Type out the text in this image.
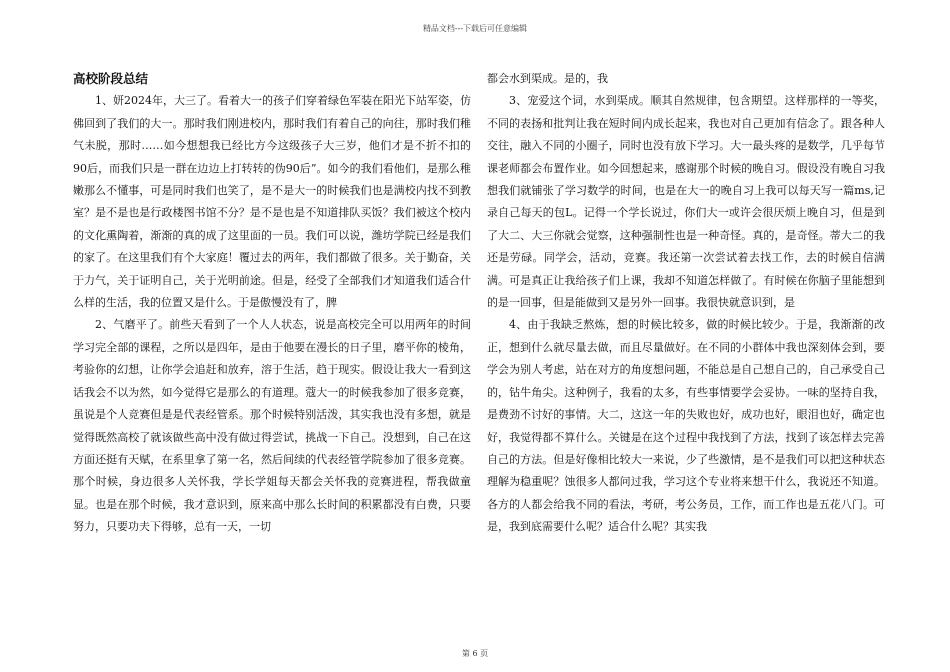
精品文档---下载后可任意编辑

高校阶段总结

1、妍2024年，大三了。看着大一的孩子们穿着绿色军装在阳光下站军姿，仿佛回到了我们的大一。那时我们刚进校内，那时我们有着自己的向往，那时我们稚气未脱，那时……如今想想我已经比方今这级孩子大三岁，他们才是不折不扣的90后，而我们只是一群在边边上打转转的伪90后”。如今的我们看他们，是那么稚嫩那么不懂事，可是同时我们也笑了，是不是大一的时候我们也是满校内找不到教室？是不是也是行政楼图书馆不分？是不是也是不知道排队买饭？我们被这个校内的文化熏陶着，渐渐的真的成了这里面的一员。我们可以说，潍坊学院已经是我们的家了。在这里我们有个大家庭！覆过去的两年，我们都做了很多。关于勤奋，关于力气，关于证明自己，关于光明前途。但是，经受了全部我们才知道我们适合什么样的生活，我的位置又是什么。于是傲慢没有了，脾

2、气磨平了。前些天看到了一个人人状态，说是高校完全可以用两年的时间学习完全部的课程，之所以是四年，是由于他要在漫长的日子里，磨平你的棱角，考验你的幻想，让你学会追赶和放弃，溶于生活，趋于现实。假设让我大一看到这话我会不以为然，如今觉得它是那么的有道理。蔻大一的时候我参加了很多竞赛，虽说是个人竞赛但是是代表经管系。那个时候特别活泼，其实我也没有多想，就是觉得既然高校了就该做些高中没有做过得尝试，挑战一下自己。没想到，自己在这方面还挺有天赋，在系里拿了第一名，然后间续的代表经管学院参加了很多竞赛。那个时候，身边很多人关怀我，学长学姐每天都会关怀我的竞赛进程，帮我做童显。也是在那个时候，我才意识到，原来高中那么长时间的积累都没有白费，只要努力，只要功夫下得够，总有一天，一切

都会水到渠成。是的，我

3、宠爱这个词，水到渠成。顺其自然规律，包含期望。这样那样的一等奖，不同的表扬和批判让我在短时间内成长起来，我也对自己更加有信念了。跟各种人交往，融入不同的小圈子，同时也没有放下学习。大一最头疼的是数学，几乎每节课老师都会布置作业。如今回想起来，感谢那个时候的晚自习。假设没有晚自习我想我们就铺张了学习数学的时间，也是在大一的晚自习上我可以每天写一篇ms,记录自己每天的包L。记得一个学长说过，你们大一或许会很厌烦上晚自习，但是到了大二、大三你就会觉察，这种强制性也是一种奇怪。真的，是奇怪。蒂大二的我还是劳碌。同学会，活动，竞赛。我还第一次尝试着去找工作，去的时候自信满满。可是真正让我给孩子们上课，我却不知道怎样做了。有时候在你脑子里能想到的是一回事，但是能做到又是另外一回事。我很快就意识到，是

4、由于我缺乏熬炼，想的时候比较多，做的时候比较少。于是，我渐渐的改正，想到什么就尽量去做，而且尽量做好。在不同的小群体中我也深刻体会到，要学会为别人考虑，站在对方的角度想问题，不能总是自己想自己的，自己承受自己的，钻牛角尖。这种例子，我看的太多，有些事情要学会妥协。一味的坚持自我，是费劲不讨好的事情。大二，这这一年的失败也好，成功也好，眼泪也好，确定也好，我觉得都不算什么。关键是在这个过程中我找到了方法，找到了该怎样去完善自己的方法。但是好像相比较大一来说，少了些激情，是不是我们可以把这种状态理解为稳重呢？蚀很多人都问过我，学习这个专业将来想干什么，我说还不知道。各方的人都会给我不同的看法，考研，考公务员，工作，而工作也是五花八门。可是，我到底需要什么呢？适合什么呢？其实我

第 6 页
